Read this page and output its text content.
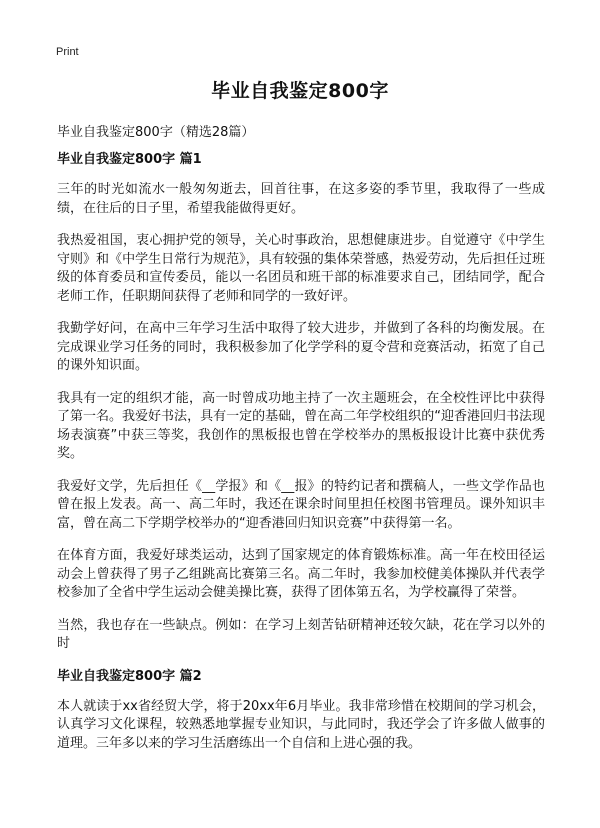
Print
毕业自我鉴定800字

毕业自我鉴定800字（精选28篇）

毕业自我鉴定800字 篇1

三年的时光如流水一般匆匆逝去，回首往事，在这多姿的季节里，我取得了一些成绩，在往后的日子里，希望我能做得更好。

我热爱祖国，衷心拥护党的领导，关心时事政治，思想健康进步。自觉遵守《中学生守则》和《中学生日常行为规范》，具有较强的集体荣誉感，热爱劳动，先后担任过班级的体育委员和宣传委员，能以一名团员和班干部的标准要求自己，团结同学，配合老师工作，任职期间获得了老师和同学的一致好评。

我勤学好问，在高中三年学习生活中取得了较大进步，并做到了各科的均衡发展。在完成课业学习任务的同时，我积极参加了化学学科的夏令营和竞赛活动，拓宽了自己的课外知识面。

我具有一定的组织才能，高一时曾成功地主持了一次主题班会，在全校性评比中获得了第一名。我爱好书法，具有一定的基础，曾在高二年学校组织的“迎香港回归书法现场表演赛”中获三等奖，我创作的黑板报也曾在学校举办的黑板报设计比赛中获优秀奖。

我爱好文学，先后担任《__学报》和《__报》的特约记者和撰稿人，一些文学作品也曾在报上发表。高一、高二年时，我还在课余时间里担任校图书管理员。课外知识丰富，曾在高二下学期学校举办的“迎香港回归知识竞赛”中获得第一名。

在体育方面，我爱好球类运动，达到了国家规定的体育锻炼标准。高一年在校田径运动会上曾获得了男子乙组跳高比赛第三名。高二年时，我参加校健美体操队并代表学校参加了全省中学生运动会健美操比赛，获得了团体第五名，为学校赢得了荣誉。

当然，我也存在一些缺点。例如：在学习上刻苦钻研精神还较欠缺，花在学习以外的时

毕业自我鉴定800字 篇2

本人就读于xx省经贸大学，将于20xx年6月毕业。我非常珍惜在校期间的学习机会，认真学习文化课程，较熟悉地掌握专业知识，与此同时，我还学会了许多做人做事的道理。三年多以来的学习生活磨练出一个自信和上进心强的我。
